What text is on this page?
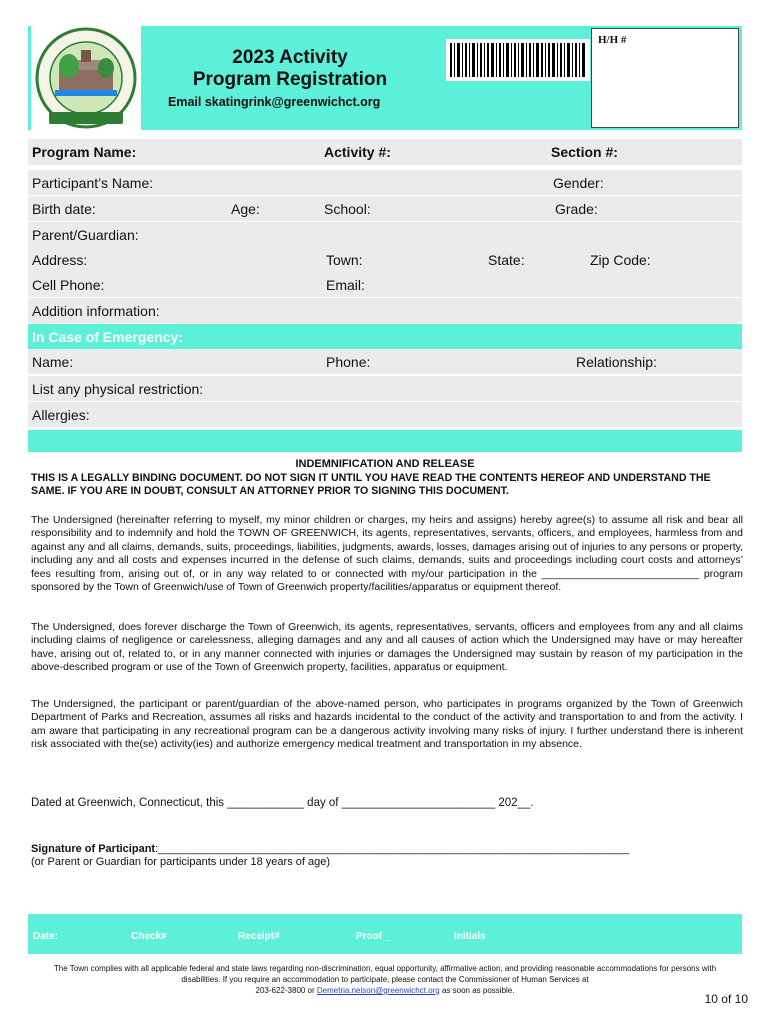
2023 Activity
Program Registration
Email skatingrink@greenwichct.org
H/H #
Program Name:	Activity #:	Section #:
Participant’s Name:	Gender:
Birth date:	Age:	School:	Grade:
Parent/Guardian:
Address:	Town:	State:	Zip Code:
Cell Phone:	Email:
Addition information:
In Case of Emergency:
Name:	Phone:	Relationship:
List any physical restriction:
Allergies:
INDEMNIFICATION AND RELEASE
THIS IS A LEGALLY BINDING DOCUMENT. DO NOT SIGN IT UNTIL YOU HAVE READ THE CONTENTS HEREOF AND UNDERSTAND THE SAME. IF YOU ARE IN DOUBT, CONSULT AN ATTORNEY PRIOR TO SIGNING THIS DOCUMENT.
The Undersigned (hereinafter referring to myself, my minor children or charges, my heirs and assigns) hereby agree(s) to assume all risk and bear all responsibility and to indemnify and hold the TOWN OF GREENWICH, its agents, representatives, servants, officers, and employees, harmless from and against any and all claims, demands, suits, proceedings, liabilities, judgments, awards, losses, damages arising out of injuries to any persons or property, including any and all costs and expenses incurred in the defense of such claims, demands, suits and proceedings including court costs and attorneys’ fees resulting from, arising out of, or in any way related to or connected with my/our participation in the ___________________________ program sponsored by the Town of Greenwich/use of Town of Greenwich property/facilities/apparatus or equipment thereof.
The Undersigned, does forever discharge the Town of Greenwich, its agents, representatives, servants, officers and employees from any and all claims including claims of negligence or carelessness, alleging damages and any and all causes of action which the Undersigned may have or may hereafter have, arising out of, related to, or in any manner connected with injuries or damages the Undersigned may sustain by reason of my participation in the above-described program or use of the Town of Greenwich property, facilities, apparatus or equipment.
The Undersigned, the participant or parent/guardian of the above-named person, who participates in programs organized by the Town of Greenwich Department of Parks and Recreation, assumes all risks and hazards incidental to the conduct of the activity and transportation to and from the activity. I am aware that participating in any recreational program can be a dangerous activity involving many risks of injury. I further understand there is inherent risk associated with the(se) activity(ies) and authorize emergency medical treatment and transportation in my absence.
Dated at Greenwich, Connecticut, this ____________ day of ________________________ 202__.
Signature of Participant:_____________________________________________________________________________
(or Parent or Guardian for participants under 18 years of age)
Date:	Check#	Receipt#	Proof _	Initials
The Town complies with all applicable federal and state laws regarding non-discrimination, equal opportunity, affirmative action, and providing reasonable accommodations for persons with disabilities. If you require an accommodation to participate, please contact the Commissioner of Human Services at
203-622-3800 or Demetria.nelson@greenwichct.org as soon as possible.
10 of 10
